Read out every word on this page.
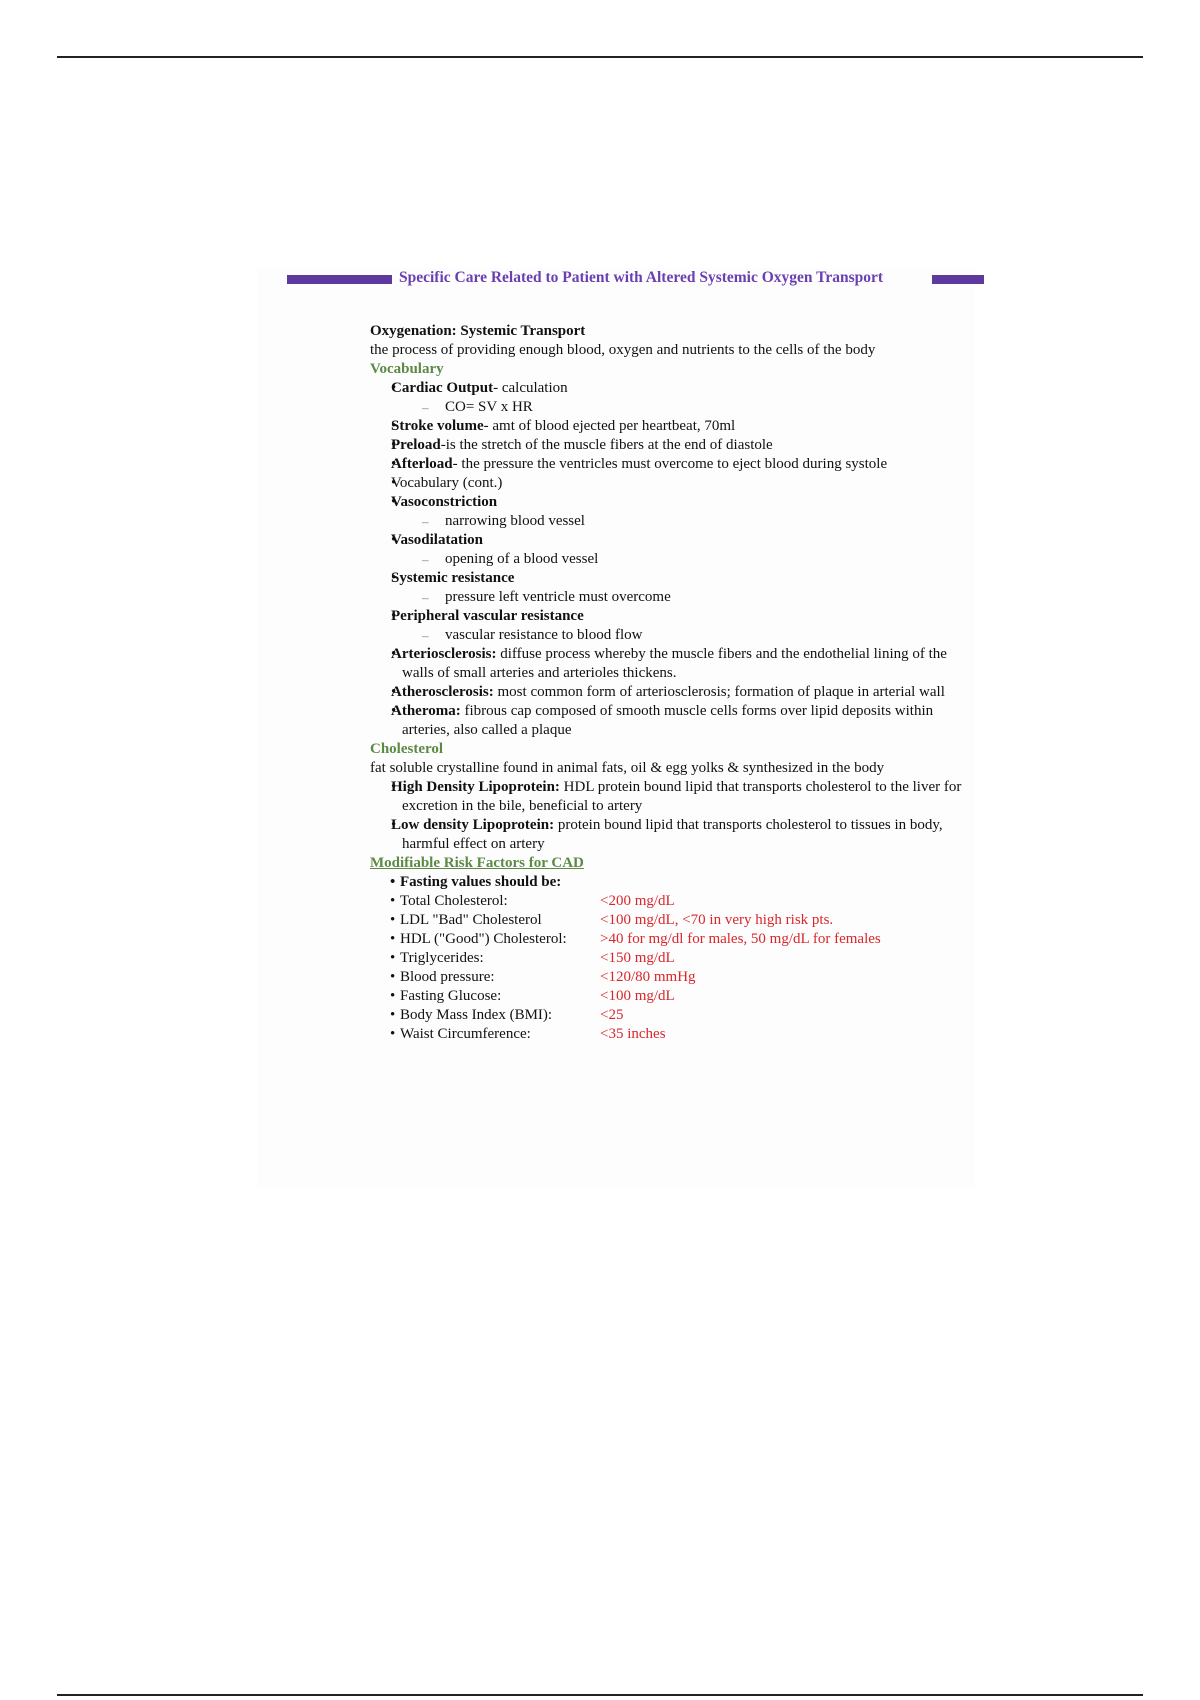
Specific Care Related to Patient with Altered Systemic Oxygen Transport

Oxygenation: Systemic Transport

the process of providing enough blood, oxygen and nutrients to the cells of the body

Vocabulary

• Cardiac Output- calculation
– CO= SV x HR
• Stroke volume- amt of blood ejected per heartbeat, 70ml
• Preload-is the stretch of the muscle fibers at the end of diastole
• Afterload- the pressure the ventricles must overcome to eject blood during systole
• Vocabulary (cont.)
• Vasoconstriction
– narrowing blood vessel
• Vasodilatation
– opening of a blood vessel
• Systemic resistance
– pressure left ventricle must overcome
• Peripheral vascular resistance
– vascular resistance to blood flow
• Arteriosclerosis: diffuse process whereby the muscle fibers and the endothelial lining of the walls of small arteries and arterioles thickens.
• Atherosclerosis: most common form of arteriosclerosis; formation of plaque in arterial wall
• Atheroma: fibrous cap composed of smooth muscle cells forms over lipid deposits within arteries, also called a plaque

Cholesterol

fat soluble crystalline found in animal fats, oil & egg yolks & synthesized in the body

• High Density Lipoprotein: HDL protein bound lipid that transports cholesterol to the liver for excretion in the bile, beneficial to artery
• Low density Lipoprotein: protein bound lipid that transports cholesterol to tissues in body, harmful effect on artery

Modifiable Risk Factors for CAD

• Fasting values should be:
• Total Cholesterol:	<200 mg/dL
• LDL "Bad" Cholesterol	<100 mg/dL, <70 in very high risk pts.
• HDL ("Good") Cholesterol:	>40 for mg/dl for males, 50 mg/dL for females
• Triglycerides:	<150 mg/dL
• Blood pressure:	<120/80 mmHg
• Fasting Glucose:	<100 mg/dL
• Body Mass Index (BMI):	<25
• Waist Circumference:	<35 inches
